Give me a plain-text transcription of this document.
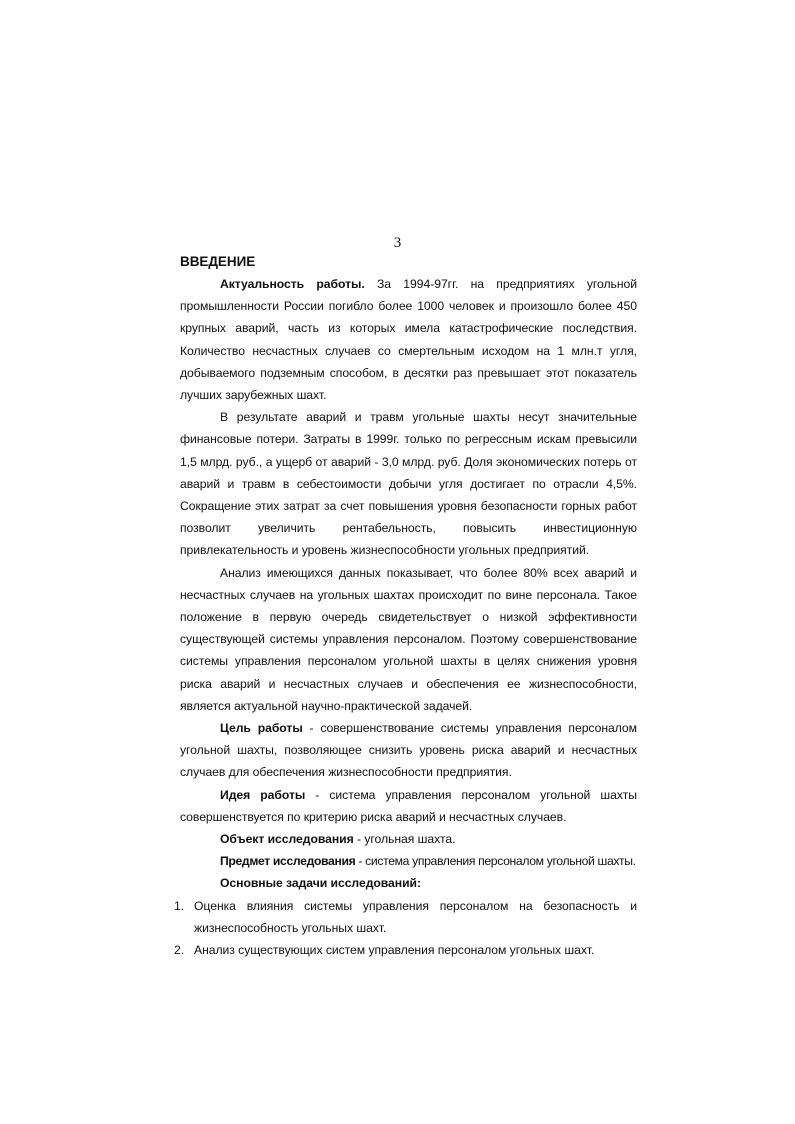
3
ВВЕДЕНИЕ

Актуальность работы. За 1994-97гг. на предприятиях угольной промышленности России погибло более 1000 человек и произошло более 450 крупных аварий, часть из которых имела катастрофические последствия. Количество несчастных случаев со смертельным исходом на 1 млн.т угля, добываемого подземным способом, в десятки раз превышает этот показатель лучших зарубежных шахт.

В результате аварий и травм угольные шахты несут значительные финансовые потери. Затраты в 1999г. только по регрессным искам превысили 1,5 млрд. руб., а ущерб от аварий - 3,0 млрд. руб. Доля экономических потерь от аварий и травм в себестоимости добычи угля достигает по отрасли 4,5%. Сокращение этих затрат за счет повышения уровня безопасности горных работ позволит увеличить рентабельность, повысить инвестиционную привлекательность и уровень жизнеспособности угольных предприятий.

Анализ имеющихся данных показывает, что более 80% всех аварий и несчастных случаев на угольных шахтах происходит по вине персонала. Такое положение в первую очередь свидетельствует о низкой эффективности существующей системы управления персоналом. Поэтому совершенствование системы управления персоналом угольной шахты в целях снижения уровня риска аварий и несчастных случаев и обеспечения ее жизнеспособности, является актуальной научно-практической задачей.

Цель работы - совершенствование системы управления персоналом угольной шахты, позволяющее снизить уровень риска аварий и несчастных случаев для обеспечения жизнеспособности предприятия.

Идея работы - система управления персоналом угольной шахты совершенствуется по критерию риска аварий и несчастных случаев.

Объект исследования - угольная шахта.

Предмет исследования - система управления персоналом угольной шахты.

Основные задачи исследований:

1. Оценка влияния системы управления персоналом на безопасность и жизнеспособность угольных шахт.
2. Анализ существующих систем управления персоналом угольных шахт.
